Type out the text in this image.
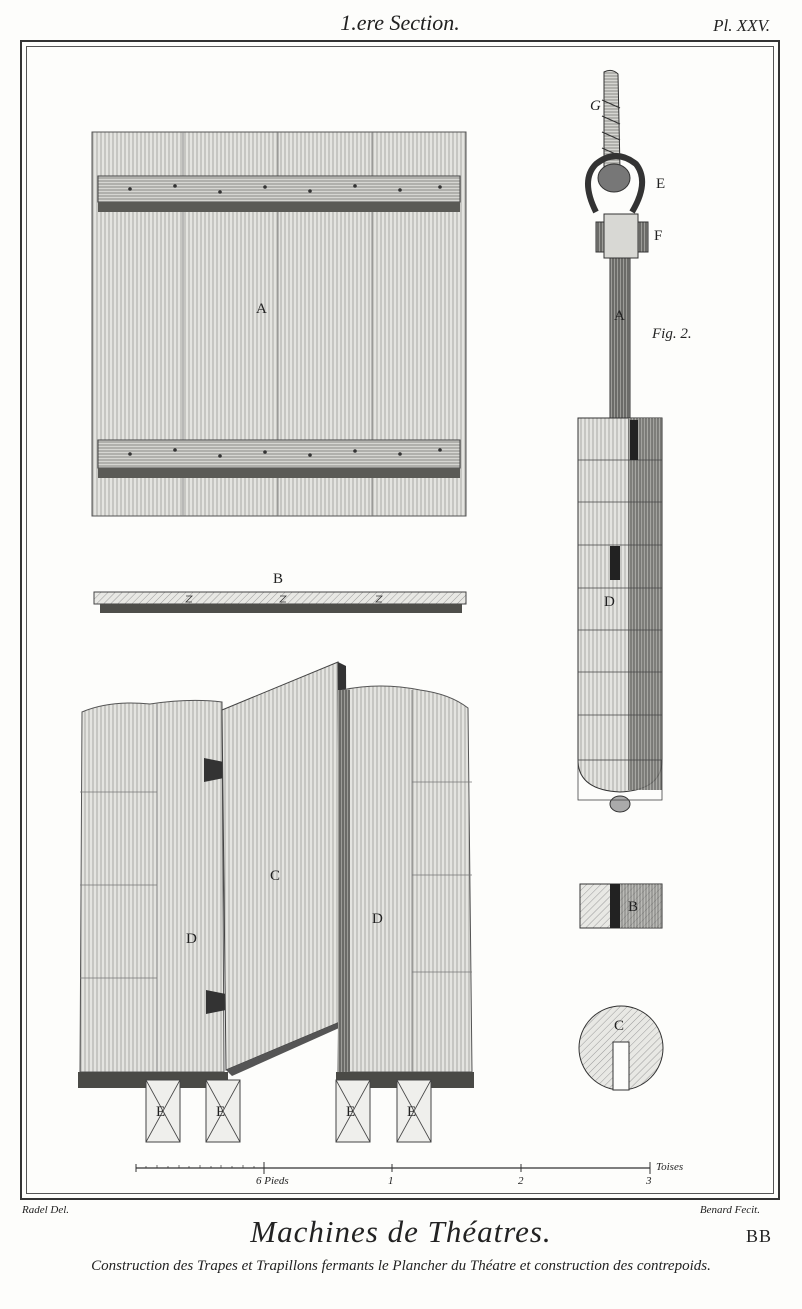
1.ere Section.	Pl. XXV.
A
B
C
D
D
E	E	E	E
G
E
F
A
Fig. 2.
D
B
C
6 Pieds	1	2	3
Toises
Radel Del.	Benard Fecit.
Machines de Théatres.	BB
Construction des Trapes et Trapillons fermants le Plancher du Théatre et construction des contrepoids.
